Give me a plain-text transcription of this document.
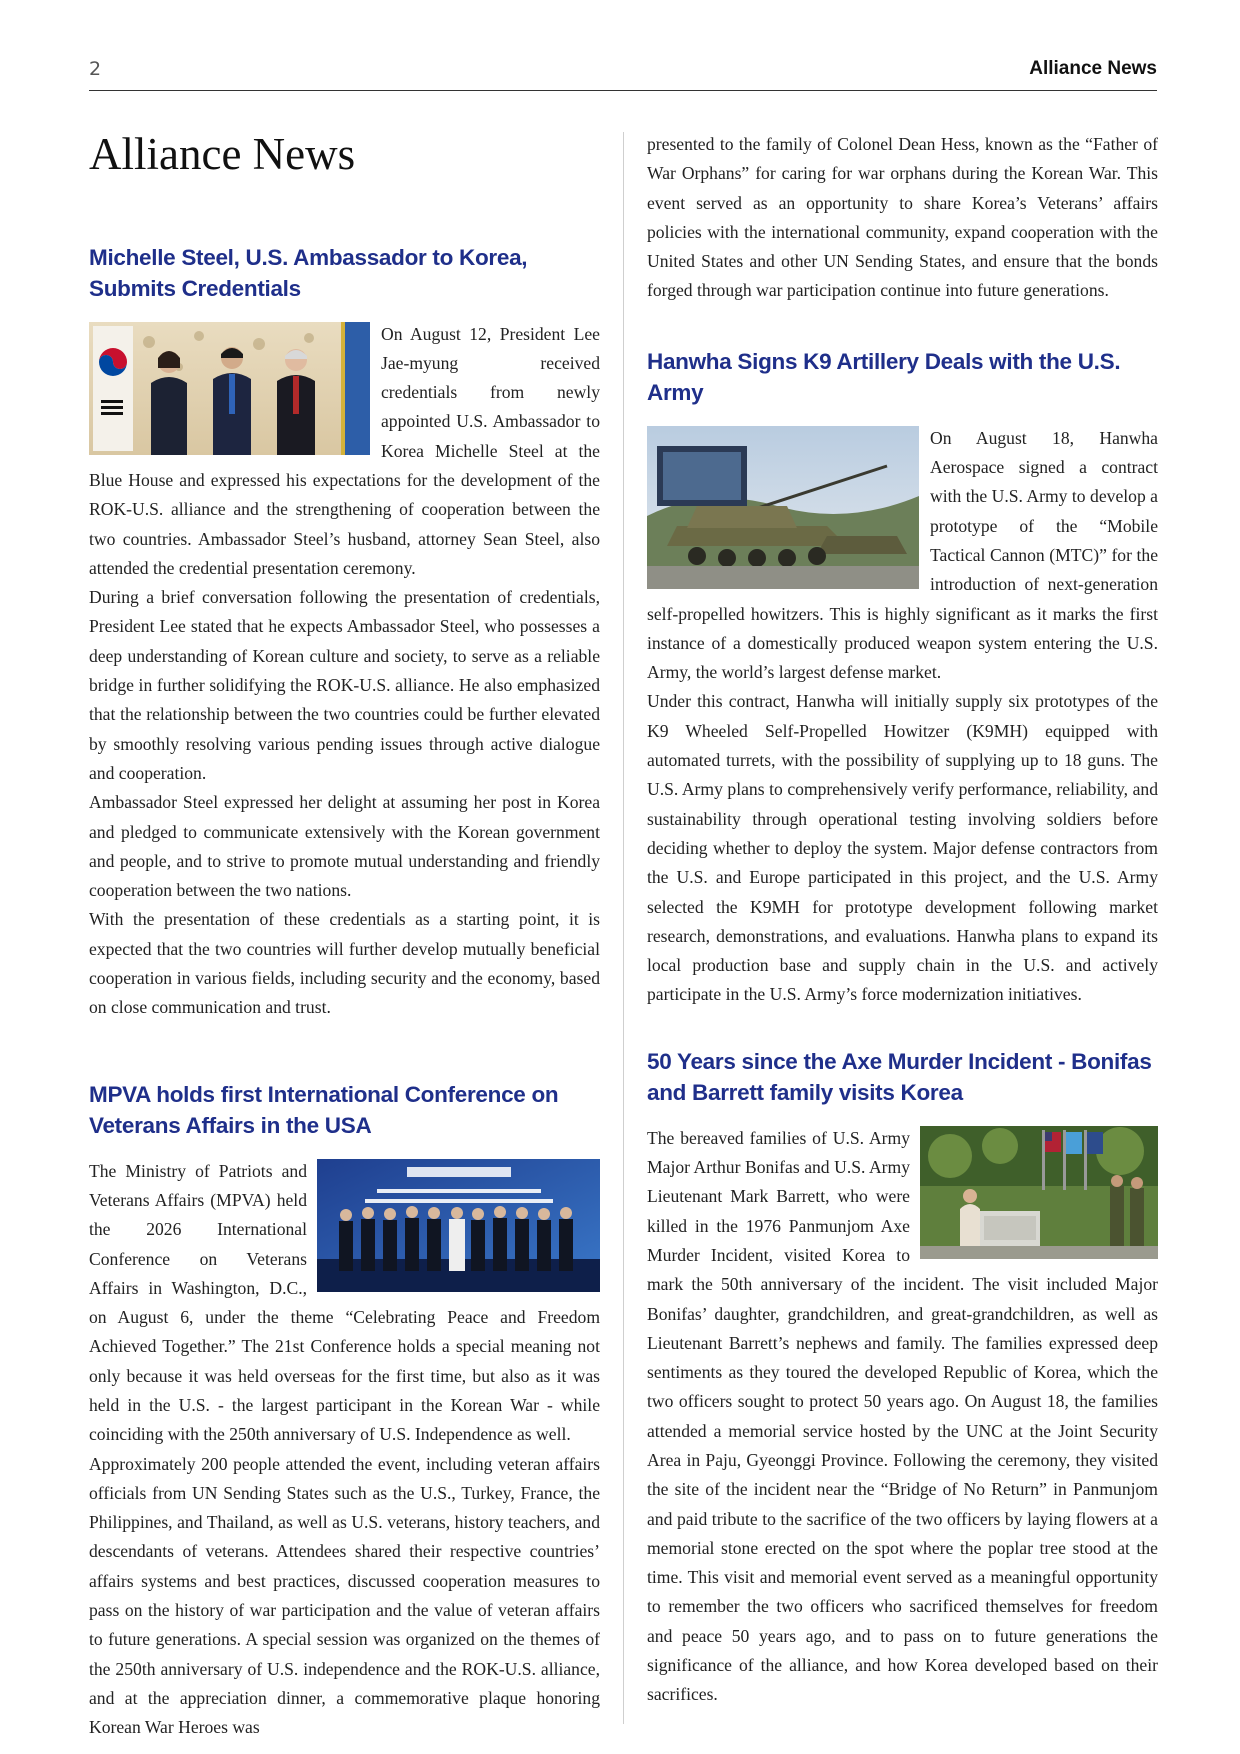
2	Alliance News
Alliance News
Michelle Steel, U.S. Ambassador to Korea, Submits Credentials

On August 12, President Lee Jae-myung received credentials from newly appointed U.S. Ambassador to Korea Michelle Steel at the Blue House and expressed his expectations for the development of the ROK-U.S. alliance and the strengthening of cooperation between the two countries. Ambassador Steel’s husband, attorney Sean Steel, also attended the credential presentation ceremony.

During a brief conversation following the presentation of credentials, President Lee stated that he expects Ambassador Steel, who possesses a deep understanding of Korean culture and society, to serve as a reliable bridge in further solidifying the ROK-U.S. alliance. He also emphasized that the relationship between the two countries could be further elevated by smoothly resolving various pending issues through active dialogue and cooperation.

Ambassador Steel expressed her delight at assuming her post in Korea and pledged to communicate extensively with the Korean government and people, and to strive to promote mutual understanding and friendly cooperation between the two nations.

With the presentation of these credentials as a starting point, it is expected that the two countries will further develop mutually beneficial cooperation in various fields, including security and the economy, based on close communication and trust.

MPVA holds first International Conference on Veterans Affairs in the USA

The Ministry of Patriots and Veterans Affairs (MPVA) held the 2026 International Conference on Veterans Affairs in Washington, D.C., on August 6, under the theme “Celebrating Peace and Freedom Achieved Together.” The 21st Conference holds a special meaning not only because it was held overseas for the first time, but also as it was held in the U.S. - the largest participant in the Korean War - while coinciding with the 250th anniversary of U.S. Independence as well.

Approximately 200 people attended the event, including veteran affairs officials from UN Sending States such as the U.S., Turkey, France, the Philippines, and Thailand, as well as U.S. veterans, history teachers, and descendants of veterans. Attendees shared their respective countries’ affairs systems and best practices, discussed cooperation measures to pass on the history of war participation and the value of veteran affairs to future generations. A special session was organized on the themes of the 250th anniversary of U.S. independence and the ROK-U.S. alliance, and at the appreciation dinner, a commemorative plaque honoring Korean War Heroes was

presented to the family of Colonel Dean Hess, known as the “Father of War Orphans” for caring for war orphans during the Korean War. This event served as an opportunity to share Korea’s Veterans’ affairs policies with the international community, expand cooperation with the United States and other UN Sending States, and ensure that the bonds forged through war participation continue into future generations.

Hanwha Signs K9 Artillery Deals with the U.S. Army

On August 18, Hanwha Aerospace signed a contract with the U.S. Army to develop a prototype of the “Mobile Tactical Cannon (MTC)” for the introduction of next-generation self-propelled howitzers. This is highly significant as it marks the first instance of a domestically produced weapon system entering the U.S. Army, the world’s largest defense market.

Under this contract, Hanwha will initially supply six prototypes of the K9 Wheeled Self-Propelled Howitzer (K9MH) equipped with automated turrets, with the possibility of supplying up to 18 guns. The U.S. Army plans to comprehensively verify performance, reliability, and sustainability through operational testing involving soldiers before deciding whether to deploy the system. Major defense contractors from the U.S. and Europe participated in this project, and the U.S. Army selected the K9MH for prototype development following market research, demonstrations, and evaluations. Hanwha plans to expand its local production base and supply chain in the U.S. and actively participate in the U.S. Army’s force modernization initiatives.

50 Years since the Axe Murder Incident - Bonifas and Barrett family visits Korea

The bereaved families of U.S. Army Major Arthur Bonifas and U.S. Army Lieutenant Mark Barrett, who were killed in the 1976 Panmunjom Axe Murder Incident, visited Korea to mark the 50th anniversary of the incident. The visit included Major Bonifas’ daughter, grandchildren, and great-grandchildren, as well as Lieutenant Barrett’s nephews and family. The families expressed deep sentiments as they toured the developed Republic of Korea, which the two officers sought to protect 50 years ago. On August 18, the families attended a memorial service hosted by the UNC at the Joint Security Area in Paju, Gyeonggi Province. Following the ceremony, they visited the site of the incident near the “Bridge of No Return” in Panmunjom and paid tribute to the sacrifice of the two officers by laying flowers at a memorial stone erected on the spot where the poplar tree stood at the time. This visit and memorial event served as a meaningful opportunity to remember the two officers who sacrificed themselves for freedom and peace 50 years ago, and to pass on to future generations the significance of the alliance, and how Korea developed based on their sacrifices.
